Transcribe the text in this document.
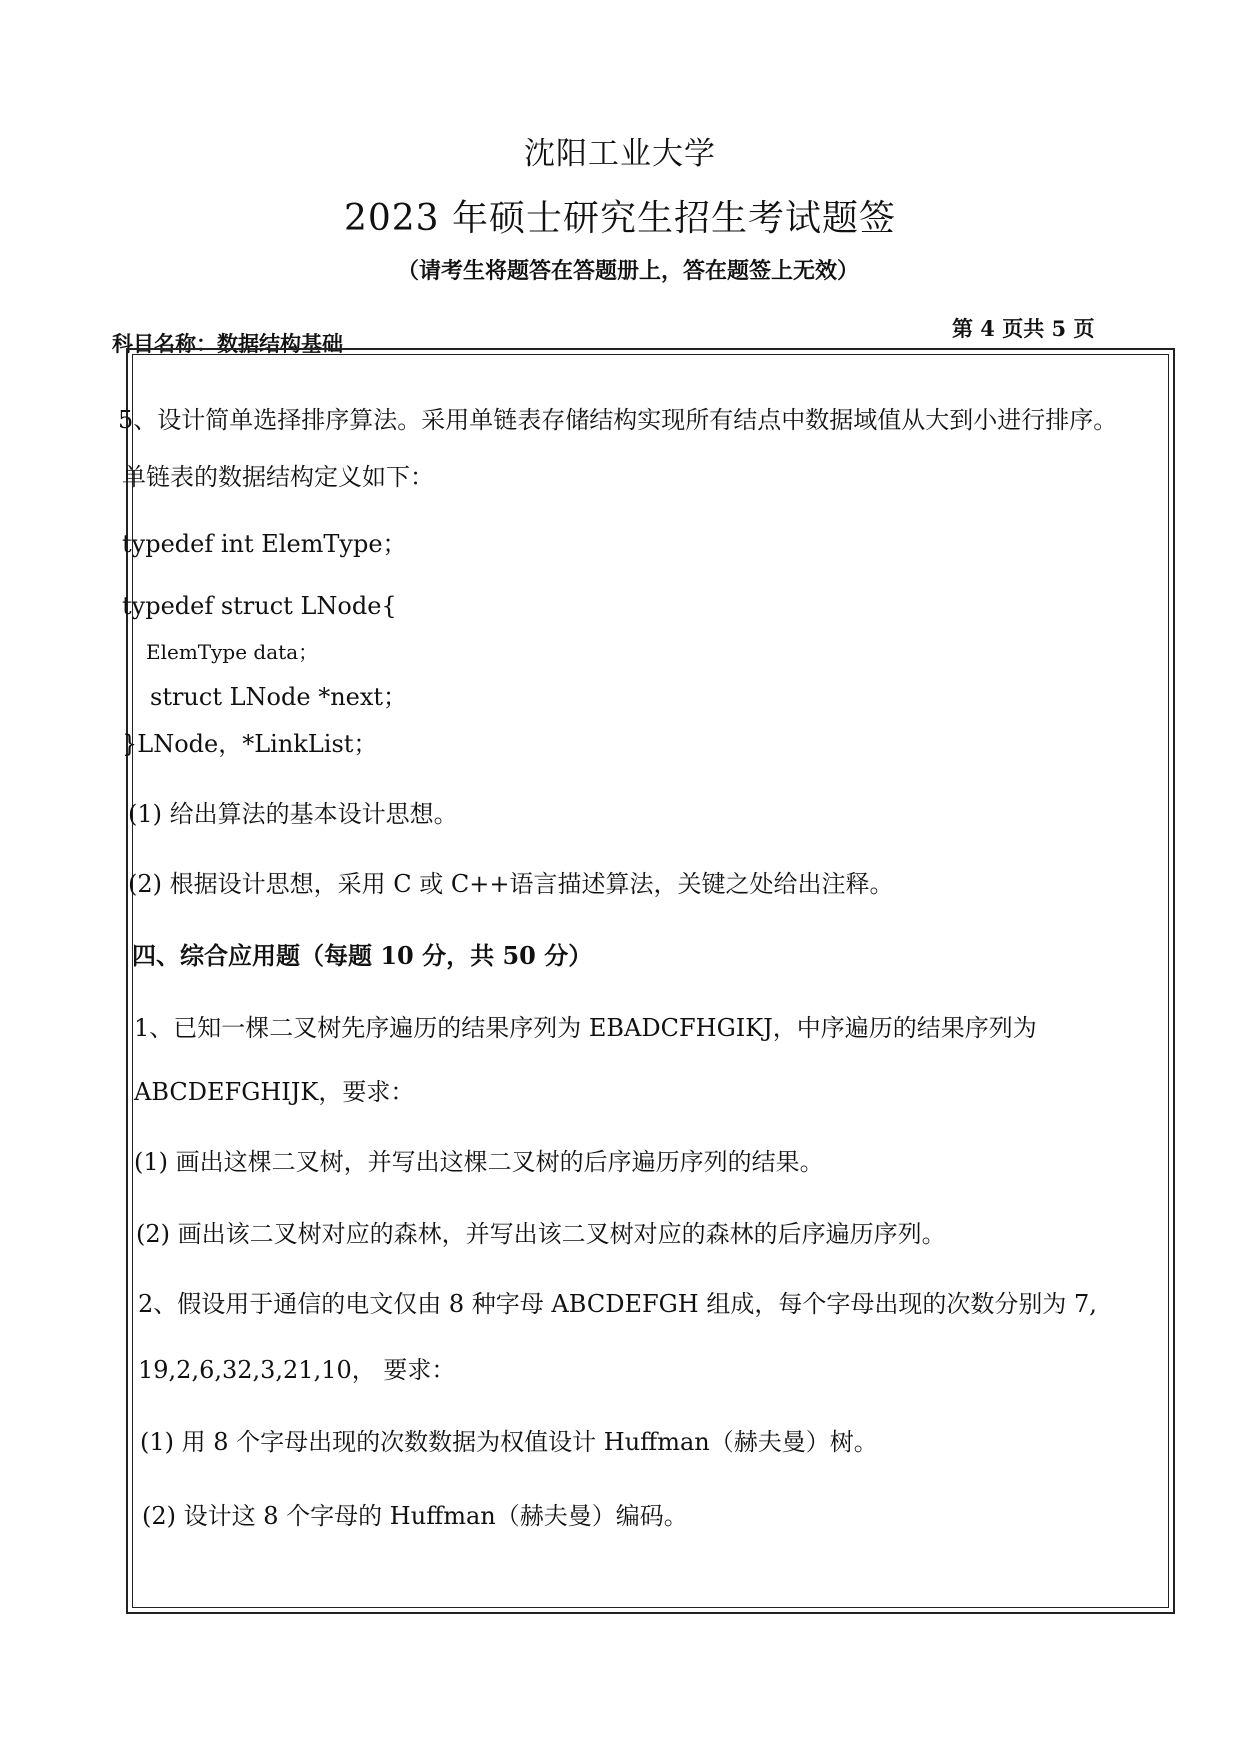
沈阳工业大学
2023 年硕士研究生招生考试题签
（请考生将题答在答题册上，答在题签上无效）
科目名称：数据结构基础
第 4 页共 5 页
5、设计简单选择排序算法。采用单链表存储结构实现所有结点中数据域值从大到小进行排序。
单链表的数据结构定义如下：
typedef int ElemType；
typedef struct LNode{
ElemType data；
struct LNode *next；
}LNode，*LinkList；
(1) 给出算法的基本设计思想。
(2) 根据设计思想，采用 C 或 C++语言描述算法，关键之处给出注释。
四、综合应用题（每题 10 分，共 50 分）
1、已知一棵二叉树先序遍历的结果序列为 EBADCFHGIKJ，中序遍历的结果序列为
ABCDEFGHIJK，要求：
(1) 画出这棵二叉树，并写出这棵二叉树的后序遍历序列的结果。
(2) 画出该二叉树对应的森林，并写出该二叉树对应的森林的后序遍历序列。
2、假设用于通信的电文仅由 8 种字母 ABCDEFGH 组成，每个字母出现的次数分别为 7,
19,2,6,32,3,21,10， 要求：
(1) 用 8 个字母出现的次数数据为权值设计 Huffman（赫夫曼）树。
(2) 设计这 8 个字母的 Huffman（赫夫曼）编码。
